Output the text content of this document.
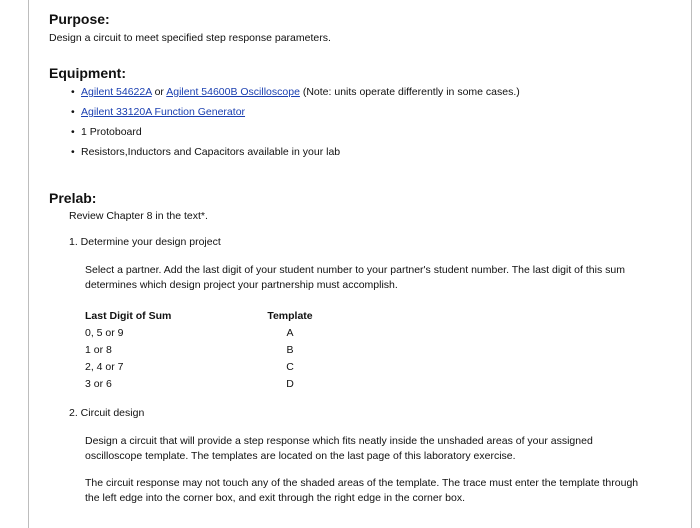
Purpose:
Design a circuit to meet specified step response parameters.
Equipment:
• Agilent 54622A or Agilent 54600B Oscilloscope (Note: units operate differently in some cases.)
• Agilent 33120A Function Generator
• 1 Protoboard
• Resistors,Inductors and Capacitors available in your lab
Prelab:
Review Chapter 8 in the text*.
1. Determine your design project
Select a partner. Add the last digit of your student number to your partner's student number. The last digit of this sum determines which design project your partnership must accomplish.
Last Digit of Sum	Template
0, 5 or 9	A
1 or 8	B
2, 4 or 7	C
3 or 6	D
2. Circuit design
Design a circuit that will provide a step response which fits neatly inside the unshaded areas of your assigned oscilloscope template. The templates are located on the last page of this laboratory exercise.
The circuit response may not touch any of the shaded areas of the template. The trace must enter the template through the left edge into the corner box, and exit through the right edge in the corner box.
